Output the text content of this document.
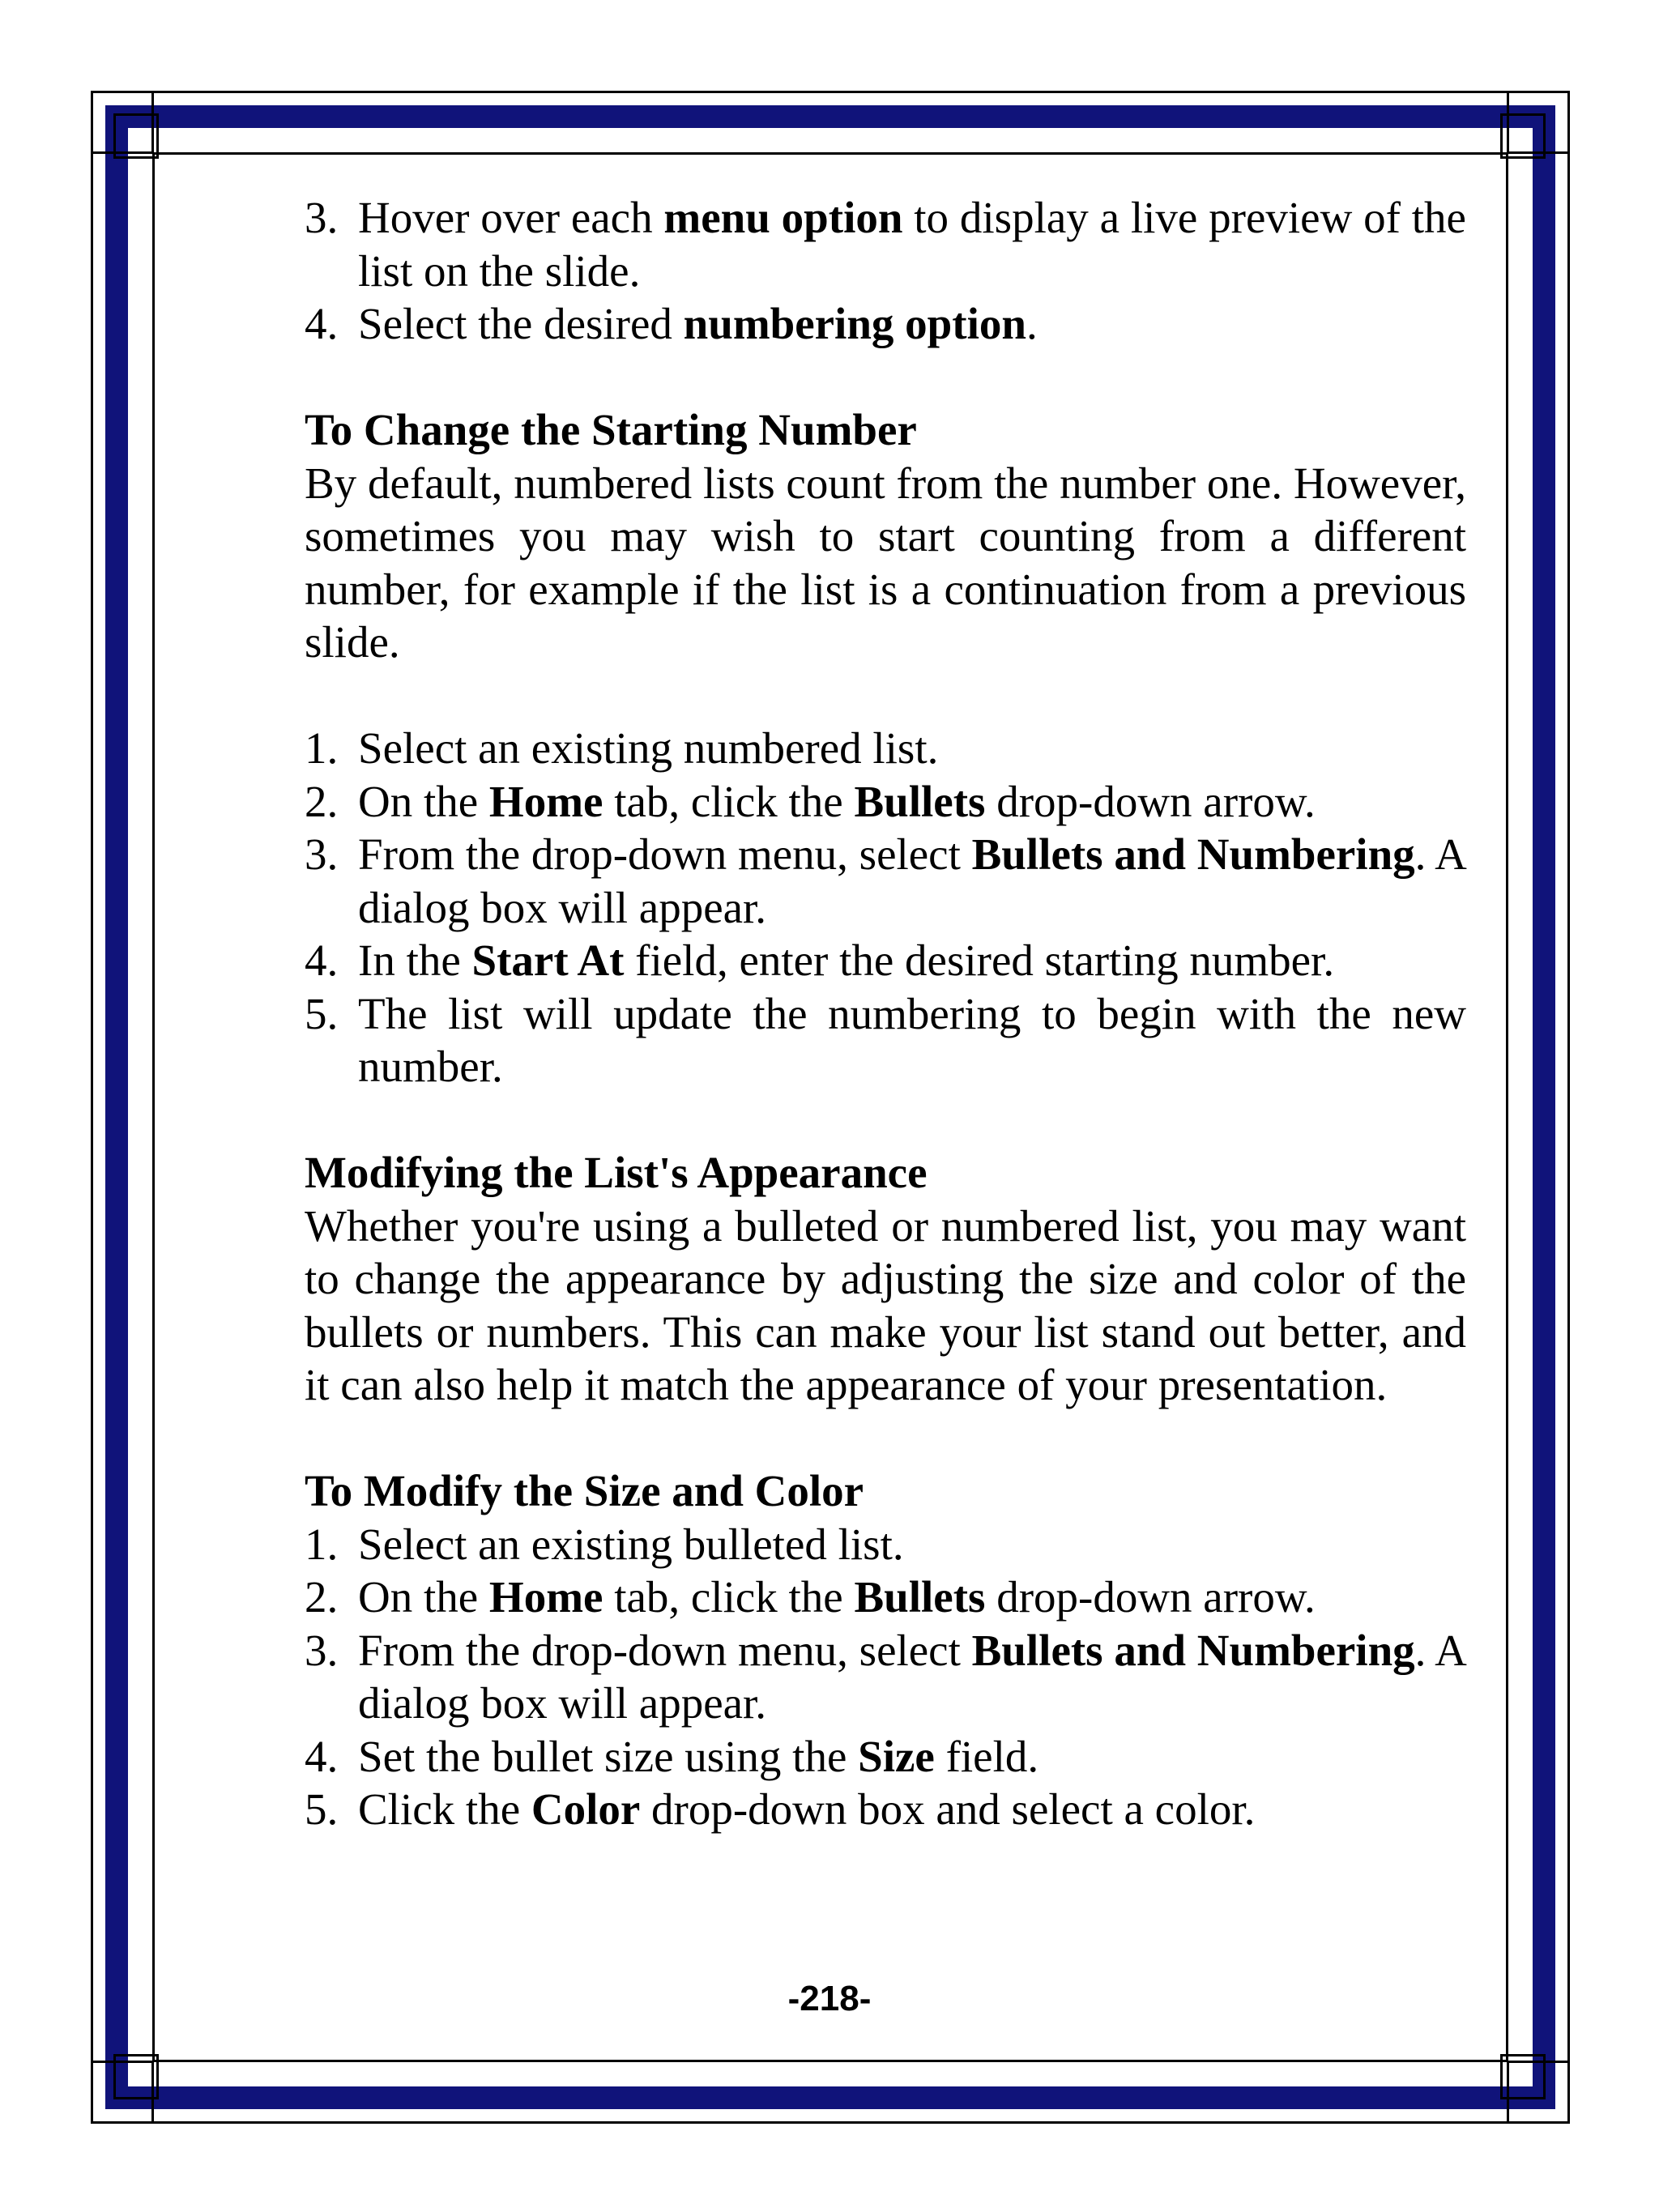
3. Hover over each menu option to display a live preview of the list on the slide.
4. Select the desired numbering option.

To Change the Starting Number

By default, numbered lists count from the number one. However, sometimes you may wish to start counting from a different number, for example if the list is a continuation from a previous slide.

1. Select an existing numbered list.
2. On the Home tab, click the Bullets drop-down arrow.
3. From the drop-down menu, select Bullets and Numbering. A dialog box will appear.
4. In the Start At field, enter the desired starting number.
5. The list will update the numbering to begin with the new number.

Modifying the List's Appearance

Whether you're using a bulleted or numbered list, you may want to change the appearance by adjusting the size and color of the bullets or numbers. This can make your list stand out better, and it can also help it match the appearance of your presentation.

To Modify the Size and Color

1. Select an existing bulleted list.
2. On the Home tab, click the Bullets drop-down arrow.
3. From the drop-down menu, select Bullets and Numbering. A dialog box will appear.
4. Set the bullet size using the Size field.
5. Click the Color drop-down box and select a color.
-218-
